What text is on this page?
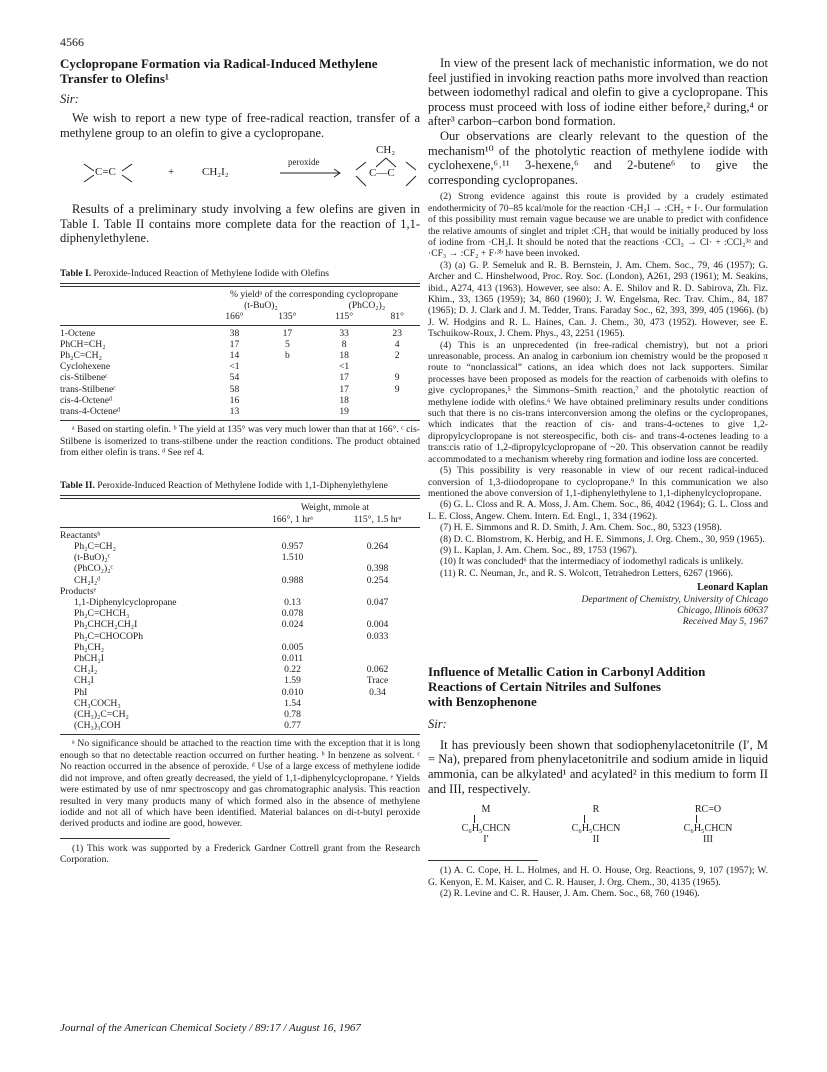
4566
Cyclopropane Formation via Radical-Induced Methylene
Transfer to Olefins¹
Sir:

We wish to report a new type of free-radical reaction, transfer of a methylene group to an olefin to give a cyclopropane.

C=C	+	CH₂I₂
peroxide
CH₂
C—C

Results of a preliminary study involving a few olefins are given in Table I. Table II contains more complete data for the reaction of 1,1-diphenylethylene.

Table I. Peroxide-Induced Reaction of Methylene Iodide with Olefins
	% yieldᵃ of the corresponding cyclopropane			
	(t-BuO)₂		(PhCO₂)₂	
	166°	135°	115°	81°

1-Octene	38	17	33	23
PhCH=CH₂	17	5	8	4
Ph₂C=CH₂	14	b	18	2
Cyclohexene	<1		<1	
cis-Stilbeneᶜ	54		17	9
trans-Stilbeneᶜ	58		17	9
cis-4-Octeneᵈ	16		18	
trans-4-Octeneᵈ	13		19	

ᵃ Based on starting olefin. ᵇ The yield at 135° was very much lower than that at 166°. ᶜ cis-Stilbene is isomerized to trans-stilbene under the reaction conditions. The product obtained from either olefin is trans. ᵈ See ref 4.

Table II. Peroxide-Induced Reaction of Methylene Iodide with 1,1-Diphenylethylene
	Weight, mmole at	
	166°, 1 hrᵃ	115°, 1.5 hrᵃ

Reactantsᵇ		
Ph₂C=CH₂	0.957	0.264
(t-BuO)₂ᶜ	1.510	
(PhCO₂)₂ᶜ		0.398
CH₂I₂ᵈ	0.988	0.254
Productsᵉ		
1,1-Diphenylcyclopropane	0.13	0.047
Ph₂C=CHCH₃	0.078	
Ph₂CHCH₂CH₂I	0.024	0.004
Ph₂C=CHOCOPh		0.033
Ph₂CH₂	0.005	
PhCH₂I	0.011	
CH₂I₂	0.22	0.062
CH₃I	1.59	Trace
PhI	0.010	0.34
CH₃COCH₃	1.54	
(CH₃)₂C=CH₂	0.78	
(CH₃)₃COH	0.77	

ᵃ No significance should be attached to the reaction time with the exception that it is long enough so that no detectable reaction occurred on further heating. ᵇ In benzene as solvent. ᶜ No reaction occurred in the absence of peroxide. ᵈ Use of a large excess of methylene iodide did not improve, and often greatly decreased, the yield of 1,1-diphenylcyclopropane. ᵉ Yields were estimated by use of nmr spectroscopy and gas chromatographic analysis. This reaction resulted in very many products many of which formed also in the absence of methylene iodide and not all of which have been identified. Material balances on di-t-butyl peroxide derived products and iodine are good, however.

(1) This work was supported by a Frederick Gardner Cottrell grant from the Research Corporation.

In view of the present lack of mechanistic information, we do not feel justified in invoking reaction paths more involved than reaction between iodomethyl radical and olefin to give a cyclopropane. This process must proceed with loss of iodine either before,² during,⁴ or after³ carbon–carbon bond formation.

Our observations are clearly relevant to the question of the mechanism¹⁰ of the photolytic reaction of methylene iodide with cyclohexene,⁶˒¹¹ 3-hexene,⁶ and 2-butene⁶ to give the corresponding cyclopropanes.

(2) Strong evidence against this route is provided by a crudely estimated endothermicity of 70–85 kcal/mole for the reaction ·CH₂I → :CH₂ + I·. Our formulation of this possibility must remain vague because we are unable to predict with confidence the relative amounts of singlet and triplet :CH₂ that would be initially produced by loss of iodine from ·CH₂I. It should be noted that the reactions ·CCl₃ → Cl· + :CCl₂³ᵃ and ·CF₃ → :CF₂ + F·³ᵇ have been invoked.

(3) (a) G. P. Semeluk and R. B. Bernstein, J. Am. Chem. Soc., 79, 46 (1957); G. Archer and C. Hinshelwood, Proc. Roy. Soc. (London), A261, 293 (1961); M. Seakins, ibid., A274, 413 (1963). However, see also: A. E. Shilov and R. D. Sabirova, Zh. Fiz. Khim., 33, 1365 (1959); 34, 860 (1960); J. W. Engelsma, Rec. Trav. Chim., 84, 187 (1965); D. J. Clark and J. M. Tedder, Trans. Faraday Soc., 62, 393, 399, 405 (1966). (b) J. W. Hodgins and R. L. Haines, Can. J. Chem., 30, 473 (1952). However, see E. Tschuikow-Roux, J. Chem. Phys., 43, 2251 (1965).

(4) This is an unprecedented (in free-radical chemistry), but not a priori unreasonable, process. An analog in carbonium ion chemistry would be the proposed π route to “nonclassical” cations, an idea which does not lack supporters. Similar processes have been proposed as models for the reaction of carbenoids with olefins to give cyclopropanes,⁵ the Simmons–Smith reaction,⁷ and the photolytic reaction of methylene iodide with olefins.⁶ We have obtained preliminary results under conditions such that there is no cis-trans interconversion among the olefins or the cyclopropanes, which indicates that the reaction of cis- and trans-4-octenes to give 1,2-dipropylcyclopropane is not stereospecific, both cis- and trans-4-octenes leading to a trans:cis ratio of 1,2-dipropylcyclopropane of ~20. This observation cannot be readily accommodated to a mechanism whereby ring formation and iodine loss are concerted.

(5) This possibility is very reasonable in view of our recent radical-induced conversion of 1,3-diiodopropane to cyclopropane.⁹ In this communication we also mentioned the above conversion of 1,1-diphenylethylene to 1,1-diphenylcyclopropane.

(6) G. L. Closs and R. A. Moss, J. Am. Chem. Soc., 86, 4042 (1964); G. L. Closs and L. E. Closs, Angew. Chem. Intern. Ed. Engl., 1, 334 (1962).

(7) H. E. Simmons and R. D. Smith, J. Am. Chem. Soc., 80, 5323 (1958).

(8) D. C. Blomstrom, K. Herbig, and H. E. Simmons, J. Org. Chem., 30, 959 (1965).

(9) L. Kaplan, J. Am. Chem. Soc., 89, 1753 (1967).

(10) It was concluded⁶ that the intermediacy of iodomethyl radicals is unlikely.

(11) R. C. Neuman, Jr., and R. S. Wolcott, Tetrahedron Letters, 6267 (1966).

Leonard Kaplan
Department of Chemistry, University of Chicago
Chicago, Illinois 60637
Received May 5, 1967
Influence of Metallic Cation in Carbonyl Addition
Reactions of Certain Nitriles and Sulfones
with Benzophenone
Sir:

It has previously been shown that sodiophenylacetonitrile (I′, M = Na), prepared from phenylacetonitrile and sodium amide in liquid ammonia, can be alkylated¹ and acylated² in this medium to form II and III, respectively.

M
C₆H₅CHCN
I′
R
C₆H₅CHCN
II
RC=O
C₆H₅CHCN
III

(1) A. C. Cope, H. L. Holmes, and H. O. House, Org. Reactions, 9, 107 (1957); W. G. Kenyon, E. M. Kaiser, and C. R. Hauser, J. Org. Chem., 30, 4135 (1965).

(2) R. Levine and C. R. Hauser, J. Am. Chem. Soc., 68, 760 (1946).

Journal of the American Chemical Society / 89:17 / August 16, 1967
